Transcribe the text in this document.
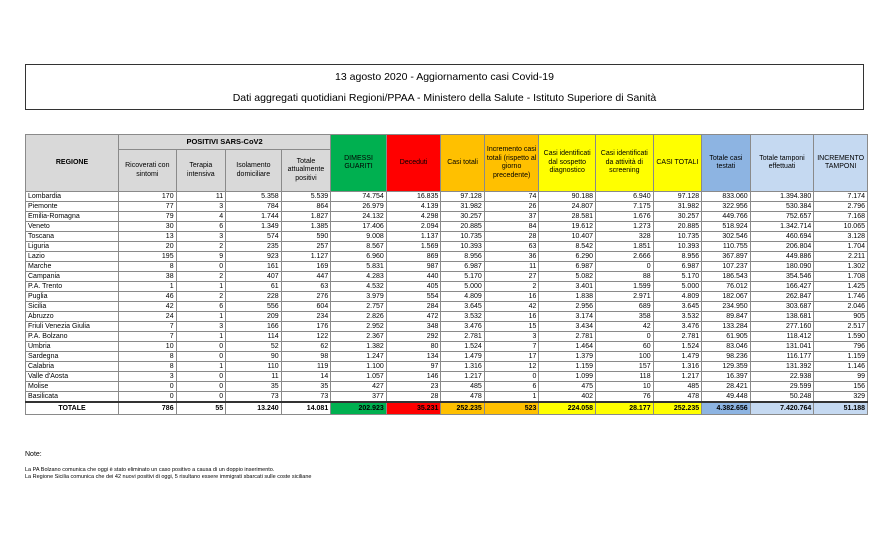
13 agosto 2020 - Aggiornamento casi Covid-19
Dati aggregati quotidiani Regioni/PPAA - Ministero della Salute - Istituto Superiore di Sanità
REGIONE	POSITIVI SARS-CoV2				DIMESSI GUARITI	Deceduti	Casi totali	Incremento casi totali (rispetto al giorno precedente)	Casi identificati dal sospetto diagnostico	Casi identificati da attività di screening	CASI TOTALI	Totale casi testati	Totale tamponi effettuati	INCREMENTO TAMPONI
	Ricoverati con sintomi	Terapia intensiva	Isolamento domiciliare	Totale attualmente positivi										
Lombardia	170	11	5.358	5.539	74.754	16.835	97.128	74	90.188	6.940	97.128	833.060	1.394.380	7.174
Piemonte	77	3	784	864	26.979	4.139	31.982	26	24.807	7.175	31.982	322.956	530.384	2.796
Emilia-Romagna	79	4	1.744	1.827	24.132	4.298	30.257	37	28.581	1.676	30.257	449.766	752.657	7.168
Veneto	30	6	1.349	1.385	17.406	2.094	20.885	84	19.612	1.273	20.885	518.924	1.342.714	10.065
Toscana	13	3	574	590	9.008	1.137	10.735	28	10.407	328	10.735	302.546	460.694	3.128
Liguria	20	2	235	257	8.567	1.569	10.393	63	8.542	1.851	10.393	110.755	206.804	1.704
Lazio	195	9	923	1.127	6.960	869	8.956	36	6.290	2.666	8.956	367.897	449.886	2.211
Marche	8	0	161	169	5.831	987	6.987	11	6.987	0	6.987	107.237	180.090	1.302
Campania	38	2	407	447	4.283	440	5.170	27	5.082	88	5.170	186.543	354.546	1.708
P.A. Trento	1	1	61	63	4.532	405	5.000	2	3.401	1.599	5.000	76.012	166.427	1.425
Puglia	46	2	228	276	3.979	554	4.809	16	1.838	2.971	4.809	182.067	262.847	1.746
Sicilia	42	6	556	604	2.757	284	3.645	42	2.956	689	3.645	234.950	303.687	2.046
Abruzzo	24	1	209	234	2.826	472	3.532	16	3.174	358	3.532	89.847	138.681	905
Friuli Venezia Giulia	7	3	166	176	2.952	348	3.476	15	3.434	42	3.476	133.284	277.160	2.517
P.A. Bolzano	7	1	114	122	2.367	292	2.781	3	2.781	0	2.781	61.905	118.412	1.590
Umbria	10	0	52	62	1.382	80	1.524	7	1.464	60	1.524	83.046	131.041	796
Sardegna	8	0	90	98	1.247	134	1.479	17	1.379	100	1.479	98.236	116.177	1.159
Calabria	8	1	110	119	1.100	97	1.316	12	1.159	157	1.316	129.359	131.392	1.146
Valle d'Aosta	3	0	11	14	1.057	146	1.217	0	1.099	118	1.217	16.397	22.938	99
Molise	0	0	35	35	427	23	485	6	475	10	485	28.421	29.599	156
Basilicata	0	0	73	73	377	28	478	1	402	76	478	49.448	50.248	329
TOTALE	786	55	13.240	14.081	202.923	35.231	252.235	523	224.058	28.177	252.235	4.382.656	7.420.764	51.188
Note:
La PA Bolzano comunica che oggi è stato eliminato un caso positivo a causa di un doppio inserimento.
La Regione Sicilia comunica che dei 42 nuovi positivi di oggi, 5 risultano essere immigrati sbarcati sulle coste siciliane
